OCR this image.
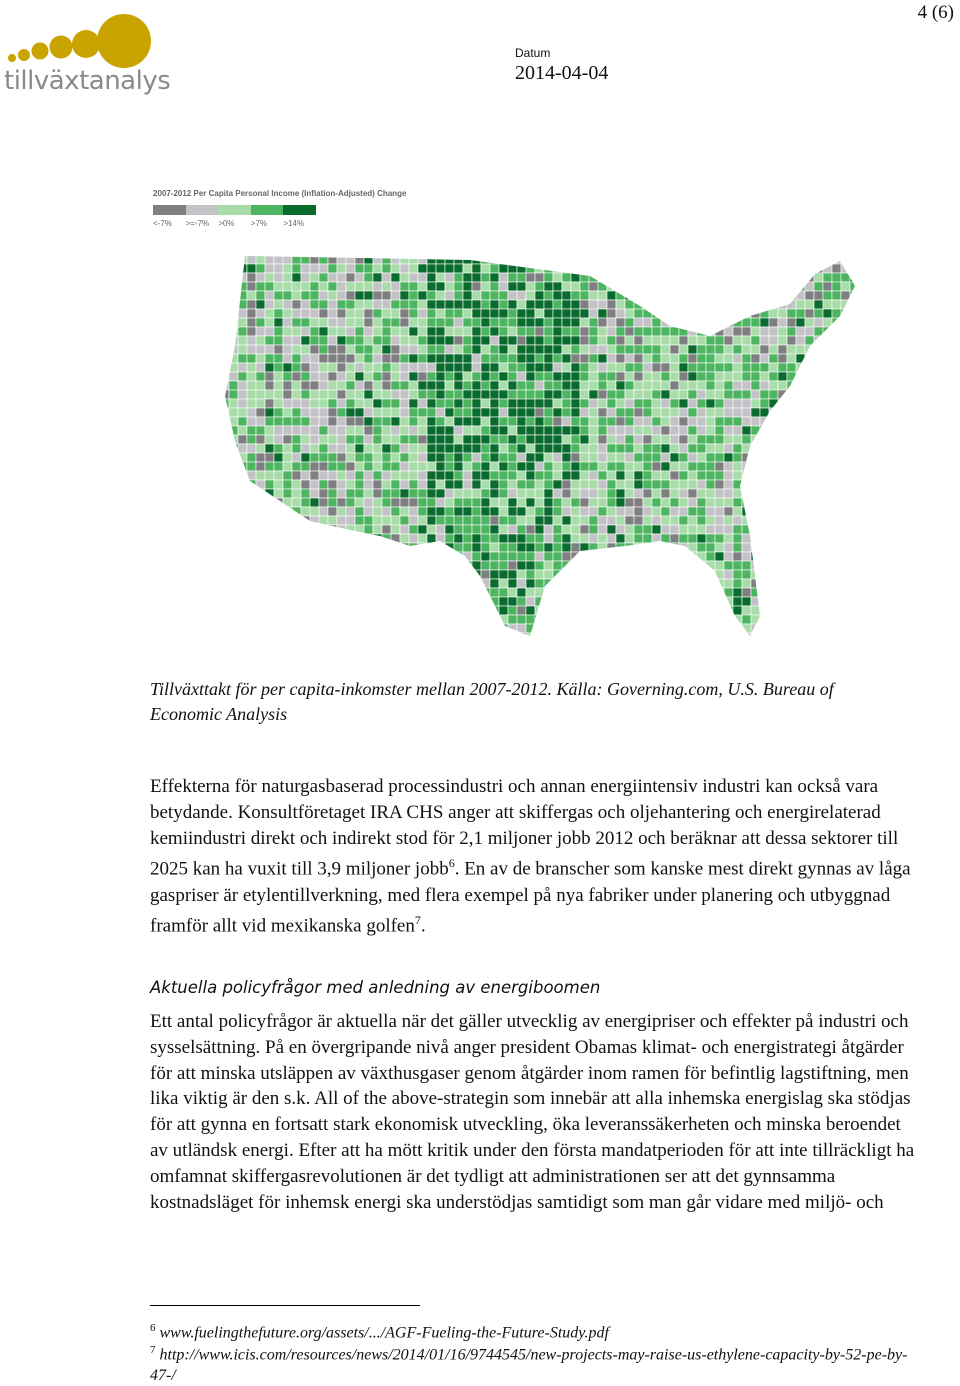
4 (6)
tillväxtanalys
Datum
2014-04-04
2007-2012 Per Capita Personal Income (Inflation-Adjusted) Change
<-7%	>=-7%	>0%	>7%	>14%
Tillväxttakt för per capita-inkomster mellan 2007-2012. Källa: Governing.com, U.S. Bureau of Economic Analysis

Effekterna för naturgasbaserad processindustri och annan energiintensiv industri kan också vara betydande. Konsultföretaget IRA CHS anger att skiffergas och oljehantering och energirelaterad kemiindustri direkt och indirekt stod för 2,1 miljoner jobb 2012 och beräknar att dessa sektorer till 2025 kan ha vuxit till 3,9 miljoner jobb$^6$. En av de branscher som kanske mest direkt gynnas av låga gaspriser är etylentillverkning, med flera exempel på nya fabriker under planering och utbyggnad framför allt vid mexikanska golfen$^7$.

Aktuella policyfrågor med anledning av energiboomen

Ett antal policyfrågor är aktuella när det gäller utvecklig av energipriser och effekter på industri och sysselsättning. På en övergripande nivå anger president Obamas klimat- och energistrategi åtgärder för att minska utsläppen av växthusgaser genom åtgärder inom ramen för befintlig lagstiftning, men lika viktig är den s.k. All of the above-strategin som innebär att alla inhemska energislag ska stödjas för att gynna en fortsatt stark ekonomisk utveckling, öka leveranssäkerheten och minska beroendet av utländsk energi. Efter att ha mött kritik under den första mandatperioden för att inte tillräckligt ha omfamnat skiffergasrevolutionen är det tydligt att administrationen ser att det gynnsamma kostnadsläget för inhemsk energi ska understödjas samtidigt som man går vidare med miljö- och

$^6$ www.fuelingthefuture.org/assets/.../AGF-Fueling-the-Future-Study.pdf
$^7$ http://www.icis.com/resources/news/2014/01/16/9744545/new-projects-may-raise-us-ethylene-capacity-by-52-pe-by-47-/
